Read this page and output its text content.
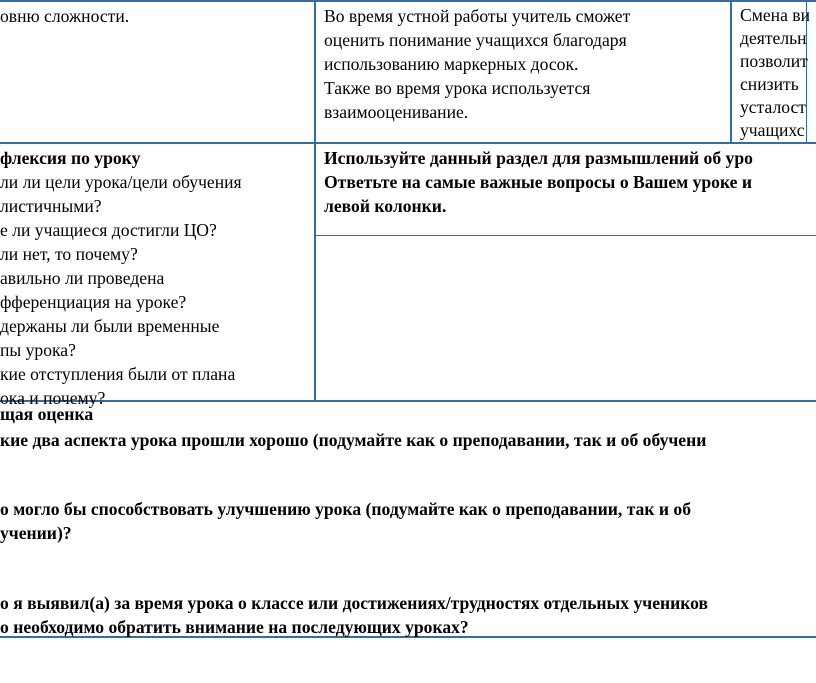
овню сложности.	Во время устной работы учитель сможет
оценить понимание учащихся благодаря
использованию маркерных досок.
Также во время урока используется
взаимооценивание.
Смена ви
деятельн
позволит
снизить
усталост
учащихс
флексия по уроку
ли ли цели урока/цели обучения
листичными?
е ли учащиеся достигли ЦО?
ли нет, то почему?
авильно ли проведена
фференциация на уроке?
держаны ли были временные
пы урока?
кие отступления были от плана
ока и почему?
Используйте данный раздел для размышлений об уро
Ответьте на самые важные вопросы о Вашем уроке и
левой колонки.
щая оценка
кие два аспекта урока прошли хорошо (подумайте как о преподавании, так и об обучени
о могло бы способствовать улучшению урока (подумайте как о преподавании, так и об
учении)?
о я выявил(а) за время урока о классе или достижениях/трудностях отдельных учеников
о необходимо обратить внимание на последующих уроках?
